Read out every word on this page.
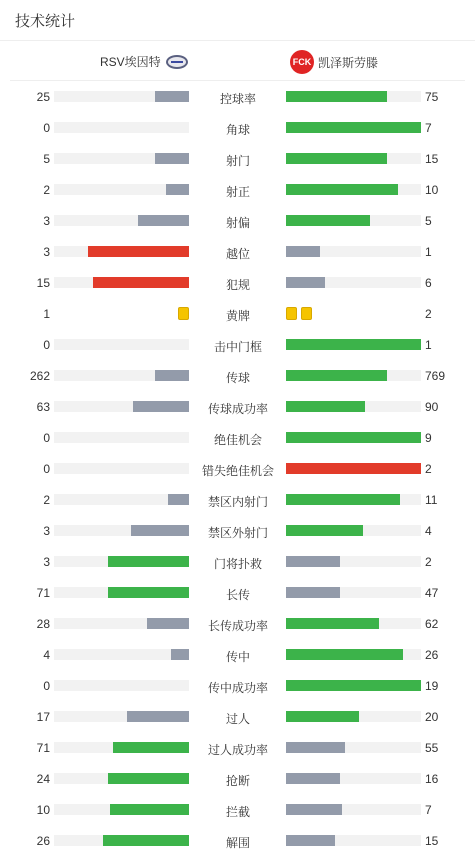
技术统计
RSV埃因特	FCK 凯泽斯劳滕
25	控球率	75
0	角球	7
5	射门	15
2	射正	10
3	射偏	5
3	越位	1
15	犯规	6
1	黄牌	2
0	击中门框	1
262	传球	769
63	传球成功率	90
0	绝佳机会	9
0	错失绝佳机会	2
2	禁区内射门	11
3	禁区外射门	4
3	门将扑救	2
71	长传	47
28	长传成功率	62
4	传中	26
0	传中成功率	19
17	过人	20
71	过人成功率	55
24	抢断	16
10	拦截	7
26	解围	15
